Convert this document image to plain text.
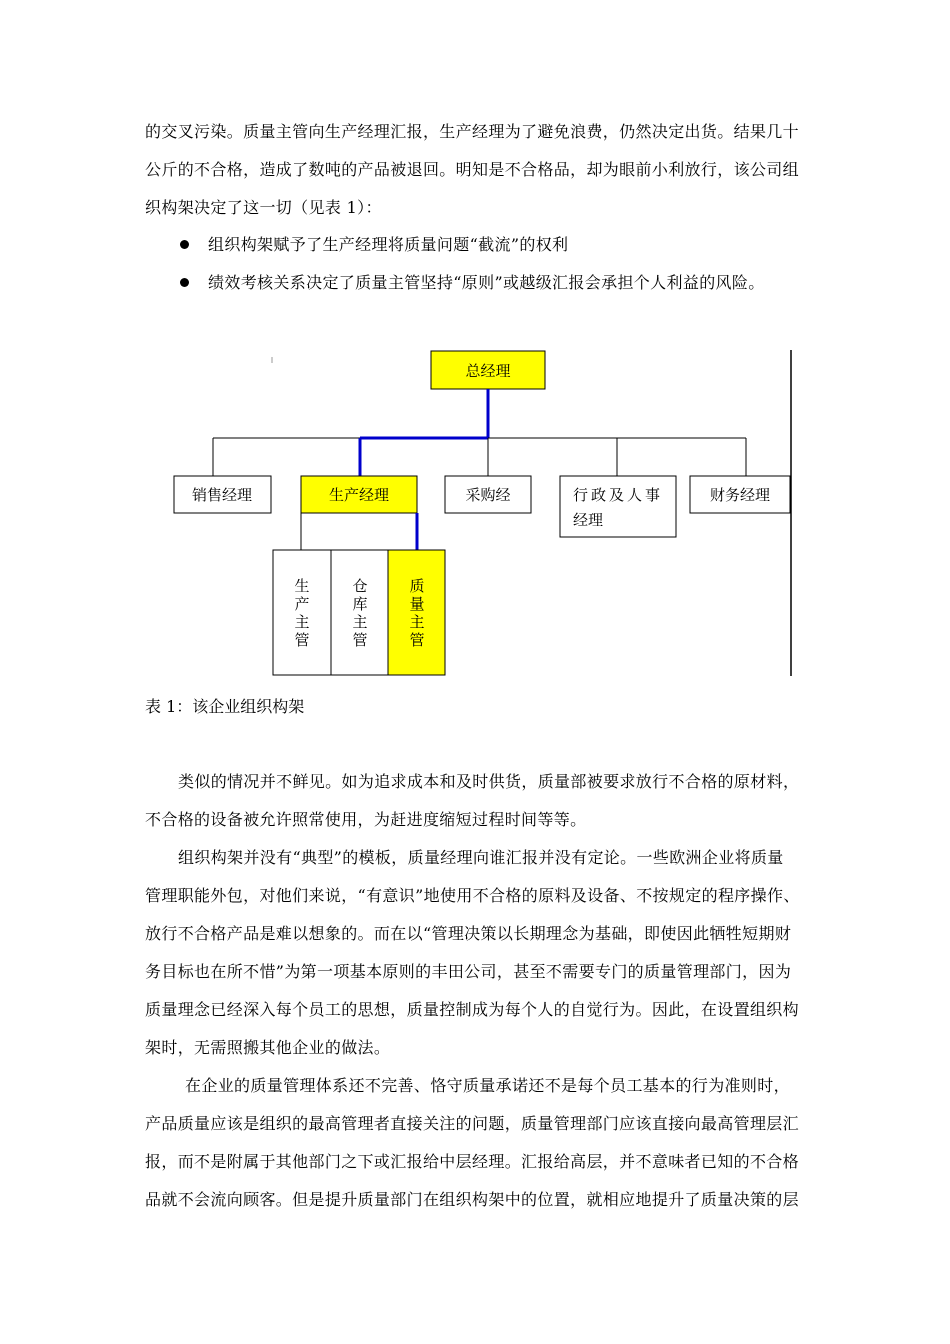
的交叉污染。质量主管向生产经理汇报，生产经理为了避免浪费，仍然决定出货。结果几十
公斤的不合格，造成了数吨的产品被退回。明知是不合格品，却为眼前小利放行，该公司组
织构架决定了这一切（见表 1）：
组织构架赋予了生产经理将质量问题“截流”的权利
绩效考核关系决定了质量主管坚持“原则”或越级汇报会承担个人利益的风险。
总经理
销售经理	生产经理	采购经	行政及人事
经理
财务经理
生产主管
仓库主管
质量主管
表 1：该企业组织构架
类似的情况并不鲜见。如为追求成本和及时供货，质量部被要求放行不合格的原材料，
不合格的设备被允许照常使用，为赶进度缩短过程时间等等。
组织构架并没有“典型”的模板，质量经理向谁汇报并没有定论。一些欧洲企业将质量
管理职能外包，对他们来说，“有意识”地使用不合格的原料及设备、不按规定的程序操作、
放行不合格产品是难以想象的。而在以“管理决策以长期理念为基础，即使因此牺牲短期财
务目标也在所不惜”为第一项基本原则的丰田公司，甚至不需要专门的质量管理部门，因为
质量理念已经深入每个员工的思想，质量控制成为每个人的自觉行为。因此，在设置组织构
架时，无需照搬其他企业的做法。
在企业的质量管理体系还不完善、恪守质量承诺还不是每个员工基本的行为准则时，
产品质量应该是组织的最高管理者直接关注的问题，质量管理部门应该直接向最高管理层汇
报，而不是附属于其他部门之下或汇报给中层经理。汇报给高层，并不意味者已知的不合格
品就不会流向顾客。但是提升质量部门在组织构架中的位置，就相应地提升了质量决策的层
